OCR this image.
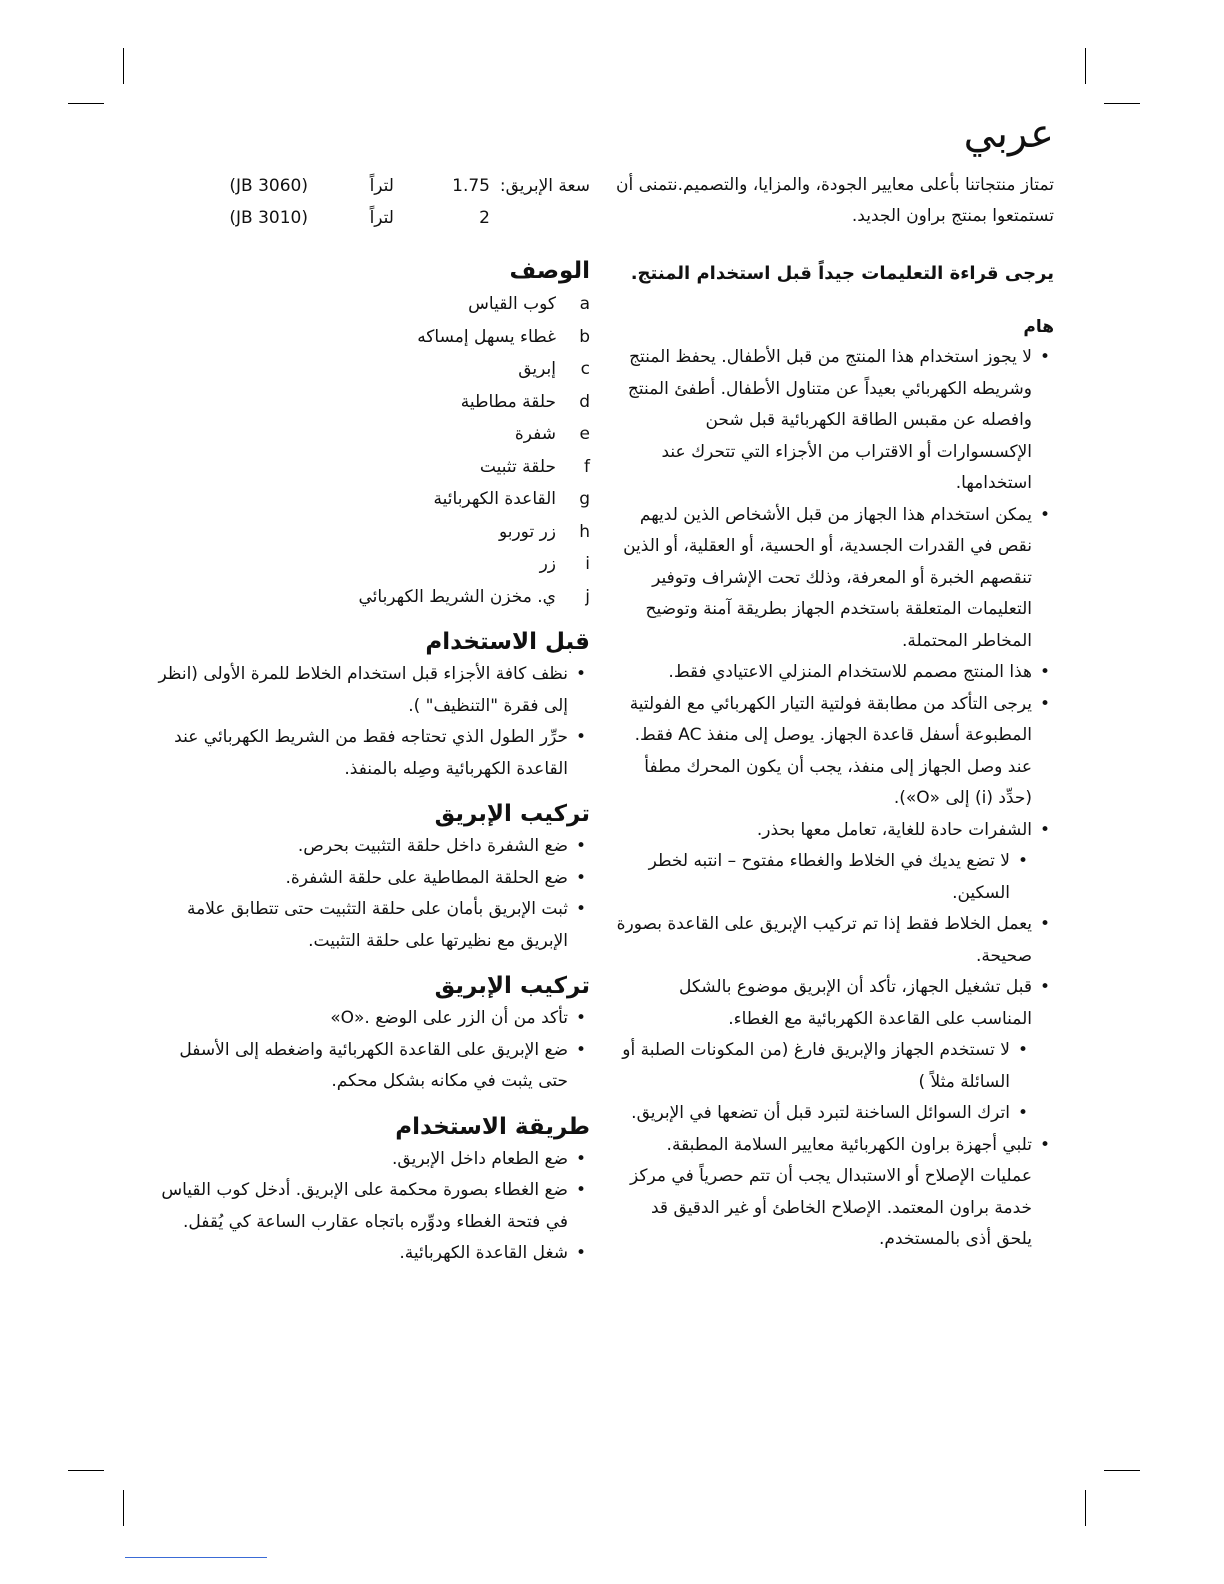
عربي

تمتاز منتجاتنا بأعلى معايير الجودة، والمزايا، والتصميم.نتمنى أن تستمتعوا بمنتج براون الجديد.

يرجى قراءة التعليمات جيداً قبل استخدام المنتج.

هام
• لا يجوز استخدام هذا المنتج من قبل الأطفال. يحفظ المنتج وشريطه الكهربائي بعيداً عن متناول الأطفال. أطفئ المنتج وافصله عن مقبس الطاقة الكهربائية قبل شحن الإكسسوارات أو الاقتراب من الأجزاء التي تتحرك عند استخدامها.
• يمكن استخدام هذا الجهاز من قبل الأشخاص الذين لديهم نقص في القدرات الجسدية، أو الحسية، أو العقلية، أو الذين تنقصهم الخبرة أو المعرفة، وذلك تحت الإشراف وتوفير التعليمات المتعلقة باستخدم الجهاز بطريقة آمنة وتوضيح المخاطر المحتملة.
• هذا المنتج مصمم للاستخدام المنزلي الاعتيادي فقط.
• يرجى التأكد من مطابقة فولتية التيار الكهربائي مع الفولتية المطبوعة أسفل قاعدة الجهاز. يوصل إلى منفذ AC فقط. عند وصل الجهاز إلى منفذ، يجب أن يكون المحرك مطفأ (حدِّد (i) إلى «O»).
• الشفرات حادة للغاية، تعامل معها بحذر.
• لا تضع يديك في الخلاط والغطاء مفتوح – انتبه لخطر السكين.
• يعمل الخلاط فقط إذا تم تركيب الإبريق على القاعدة بصورة صحيحة.
• قبل تشغيل الجهاز، تأكد أن الإبريق موضوع بالشكل المناسب على القاعدة الكهربائية مع الغطاء.
• لا تستخدم الجهاز والإبريق فارغ (من المكونات الصلبة أو السائلة مثلاً )
• اترك السوائل الساخنة لتبرد قبل أن تضعها في الإبريق.
• تلبي أجهزة براون الكهربائية معايير السلامة المطبقة. عمليات الإصلاح أو الاستبدال يجب أن تتم حصرياً في مركز خدمة براون المعتمد. الإصلاح الخاطئ أو غير الدقيق قد يلحق أذى بالمستخدم.
سعة الإبريق:
1.75
لتراً
(JB 3060)
2
لتراً
(JB 3010)
الوصف
a
كوب القياس
b
غطاء يسهل إمساكه
c
إبريق
d
حلقة مطاطية
e
شفرة
f
حلقة تثبيت
g
القاعدة الكهربائية
h
زر توربو
i
زر
j
ي. مخزن الشريط الكهربائي
قبل الاستخدام
• نظف كافة الأجزاء قبل استخدام الخلاط للمرة الأولى (انظر إلى فقرة "التنظيف" ).
• حرِّر الطول الذي تحتاجه فقط من الشريط الكهربائي عند القاعدة الكهربائية وصِله بالمنفذ.
تركيب الإبريق
• ضع الشفرة داخل حلقة التثبيت بحرص.
• ضع الحلقة المطاطية على حلقة الشفرة.
• ثبت الإبريق بأمان على حلقة التثبيت حتى تتطابق علامة الإبريق مع نظيرتها على حلقة التثبيت.
تركيب الإبريق
• تأكد من أن الزر على الوضع .«O»
• ضع الإبريق على القاعدة الكهربائية واضغطه إلى الأسفل حتى يثبت في مكانه بشكل محكم.
طريقة الاستخدام
• ضع الطعام داخل الإبريق.
• ضع الغطاء بصورة محكمة على الإبريق. أدخل كوب القياس في فتحة الغطاء ودوِّره باتجاه عقارب الساعة كي يُقفل.
• شغل القاعدة الكهربائية.
